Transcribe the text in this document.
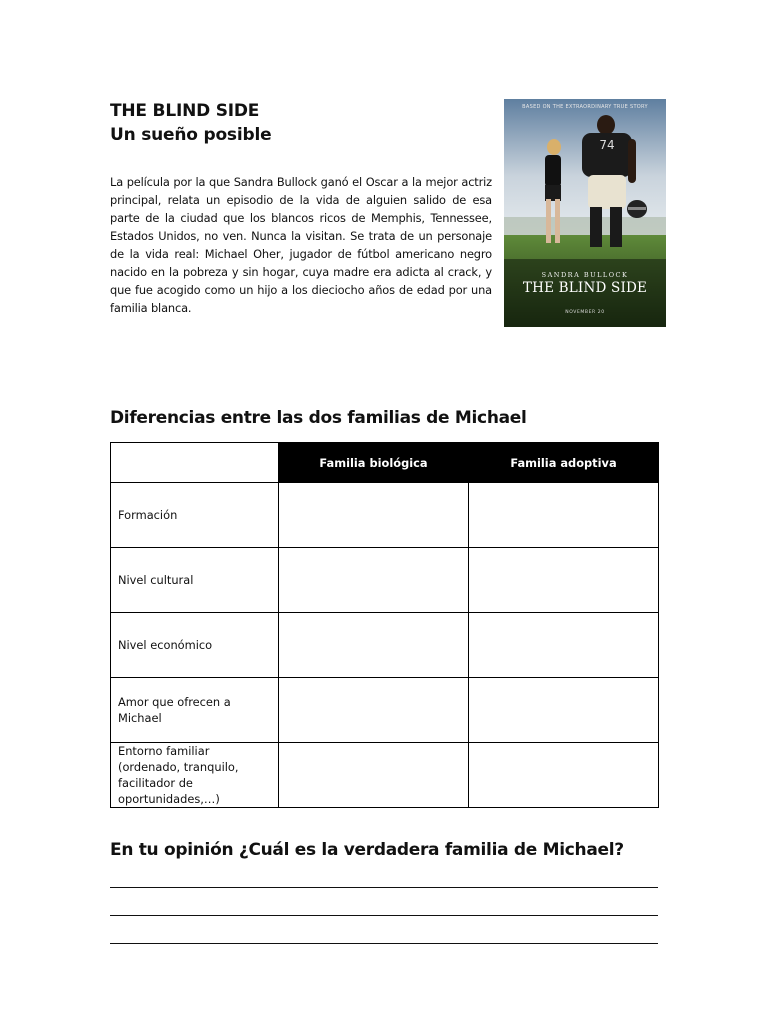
THE BLIND SIDE
Un sueño posible
La película por la que Sandra Bullock ganó el Oscar a la mejor actriz principal, relata un episodio de la vida de alguien salido de esa parte de la ciudad que los blancos ricos de Memphis, Tennessee, Estados Unidos, no ven. Nunca la visitan. Se trata de un personaje de la vida real: Michael Oher, jugador de fútbol americano negro nacido en la pobreza y sin hogar, cuya madre era adicta al crack, y que fue acogido como un hijo a los dieciocho años de edad por una familia blanca.
74
BASED ON THE EXTRAORDINARY TRUE STORY
SANDRA BULLOCK
THE BLIND SIDE
NOVEMBER 20
Diferencias entre las dos familias de Michael
	Familia biológica	Familia adoptiva
Formación		
Nivel cultural		
Nivel económico		
Amor que ofrecen a Michael		
Entorno familiar (ordenado, tranquilo, facilitador de oportunidades,…)		
En tu opinión ¿Cuál es la verdadera familia de Michael?
